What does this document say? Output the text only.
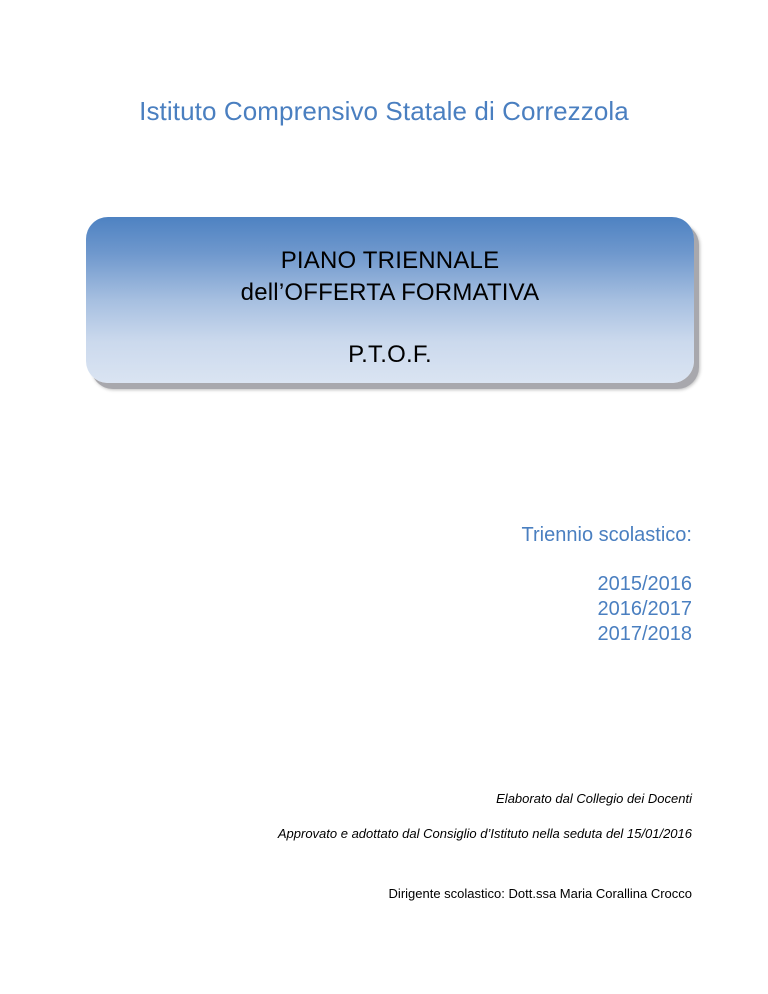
Istituto Comprensivo Statale di Correzzola
PIANO TRIENNALE
dell’OFFERTA FORMATIVA
P.T.O.F.
Triennio scolastico:
2015/2016
2016/2017
2017/2018
Elaborato dal Collegio dei Docenti
Approvato e adottato dal Consiglio d’Istituto nella seduta del 15/01/2016
Dirigente scolastico: Dott.ssa Maria Corallina Crocco
